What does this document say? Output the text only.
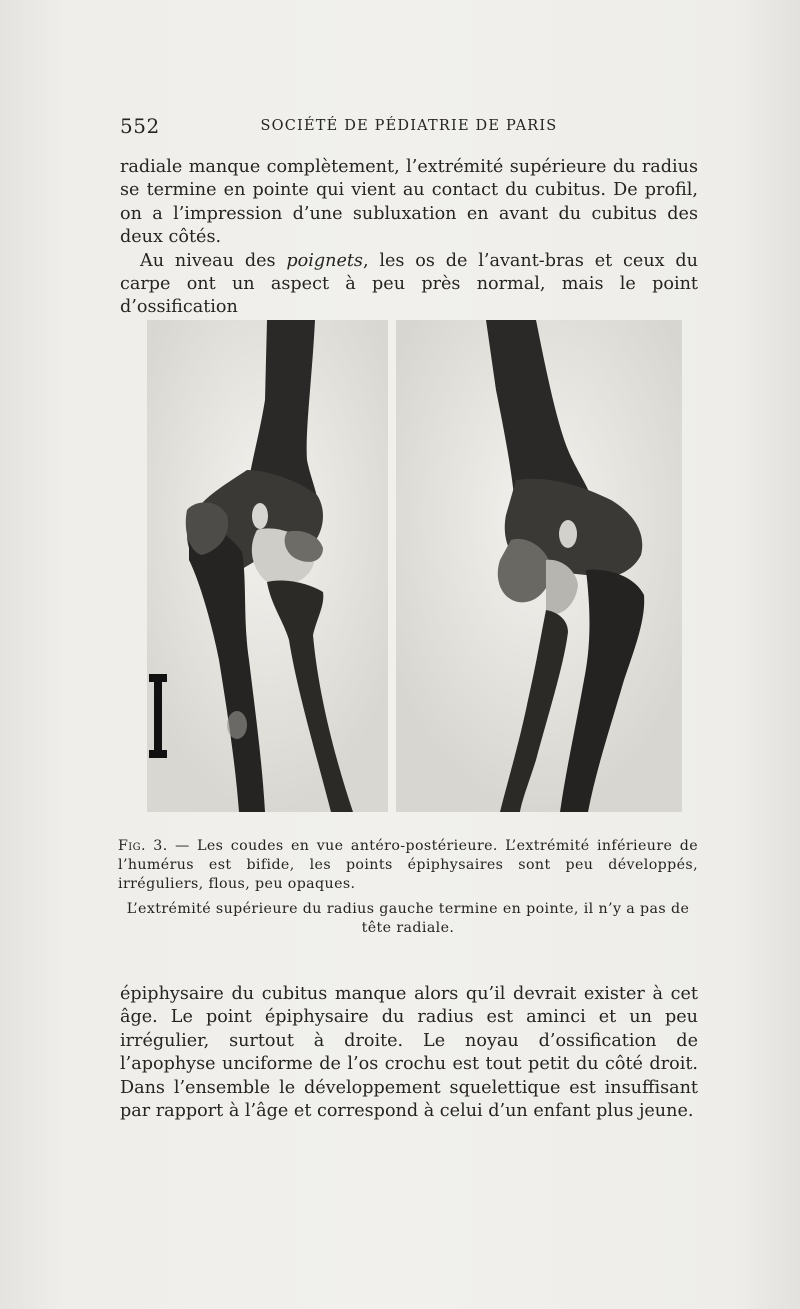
552	SOCIÉTÉ DE PÉDIATRIE DE PARIS

radiale manque complètement, l’extrémité supérieure du radius se termine en pointe qui vient au contact du cubitus. De profil, on a l’impression d’une subluxation en avant du cubitus des deux côtés.

Au niveau des poignets, les os de l’avant-bras et ceux du carpe ont un aspect à peu près normal, mais le point d’ossification

Fig. 3. — Les coudes en vue antéro-postérieure. L’extrémité inférieure de l’humérus est bifide, les points épiphysaires sont peu développés, irréguliers, flous, peu opaques.
L’extrémité supérieure du radius gauche termine en pointe, il n’y a pas de tête radiale.

épiphysaire du cubitus manque alors qu’il devrait exister à cet âge. Le point épiphysaire du radius est aminci et un peu irrégulier, surtout à droite. Le noyau d’ossification de l’apophyse unciforme de l’os crochu est tout petit du côté droit. Dans l’ensemble le développement squelettique est insuffisant par rapport à l’âge et correspond à celui d’un enfant plus jeune.
